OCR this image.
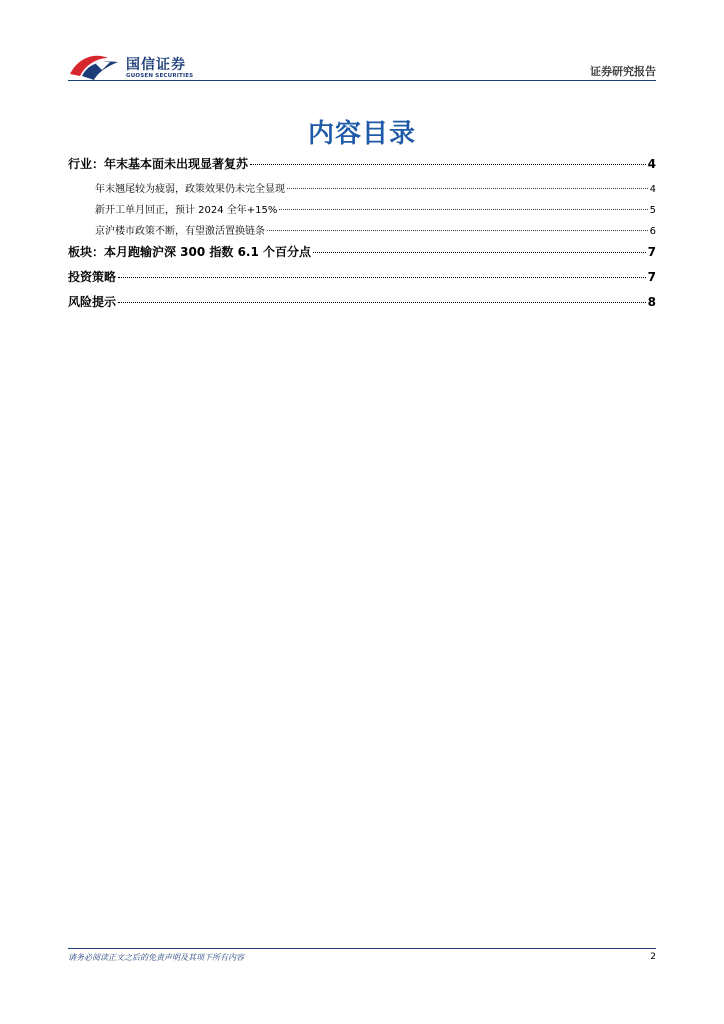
国信证券
GUOSEN SECURITIES	证券研究报告
内容目录
行业：年末基本面未出现显著复苏	4
年末翘尾较为疲弱，政策效果仍未完全显现	4
新开工单月回正，预计 2024 全年+15%	5
京沪楼市政策不断，有望激活置换链条	6
板块：本月跑输沪深 300 指数 6.1 个百分点	7
投资策略	7
风险提示	8
请务必阅读正文之后的免责声明及其项下所有内容	2
